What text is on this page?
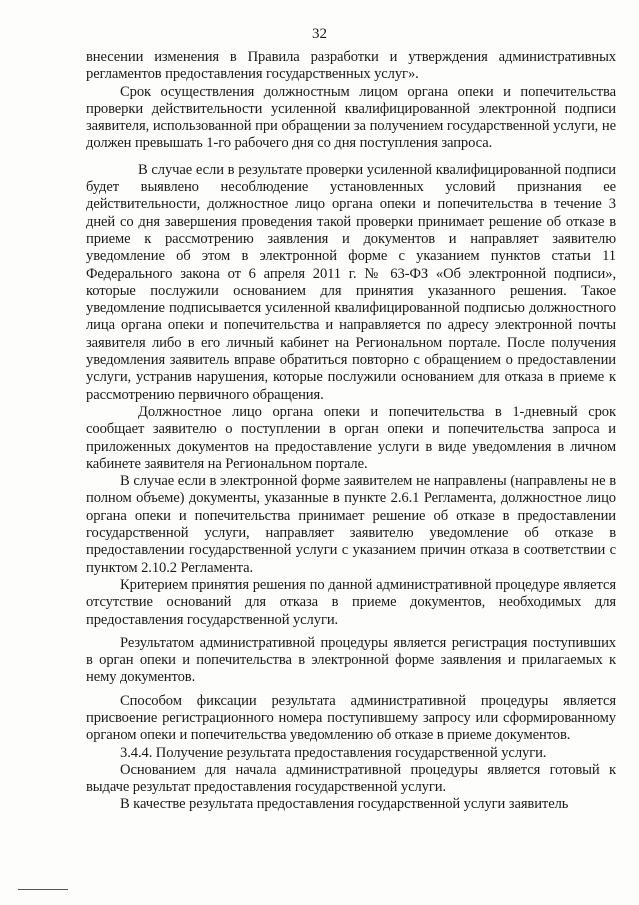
32

внесении изменения в Правила разработки и утверждения административных регламентов предоставления государственных услуг».

Срок осуществления должностным лицом органа опеки и попечительства проверки действительности усиленной квалифицированной электронной подписи заявителя, использованной при обращении за получением государственной услуги, не должен превышать 1-го рабочего дня со дня поступления запроса.

В случае если в результате проверки усиленной квалифицированной подписи будет выявлено несоблюдение установленных условий признания ее действительности, должностное лицо органа опеки и попечительства в течение 3 дней со дня завершения проведения такой проверки принимает решение об отказе в приеме к рассмотрению заявления и документов и направляет заявителю уведомление об этом в электронной форме с указанием пунктов статьи 11 Федерального закона от 6 апреля 2011 г. № 63-ФЗ «Об электронной подписи», которые послужили основанием для принятия указанного решения. Такое уведомление подписывается усиленной квалифицированной подписью должностного лица органа опеки и попечительства и направляется по адресу электронной почты заявителя либо в его личный кабинет на Региональном портале. После получения уведомления заявитель вправе обратиться повторно с обращением о предоставлении услуги, устранив нарушения, которые послужили основанием для отказа в приеме к рассмотрению первичного обращения.

Должностное лицо органа опеки и попечительства в 1-дневный срок сообщает заявителю о поступлении в орган опеки и попечительства запроса и приложенных документов на предоставление услуги в виде уведомления в личном кабинете заявителя на Региональном портале.

В случае если в электронной форме заявителем не направлены (направлены не в полном объеме) документы, указанные в пункте 2.6.1 Регламента, должностное лицо органа опеки и попечительства принимает решение об отказе в предоставлении государственной услуги, направляет заявителю уведомление об отказе в предоставлении государственной услуги с указанием причин отказа в соответствии с пунктом 2.10.2 Регламента.

Критерием принятия решения по данной административной процедуре является отсутствие оснований для отказа в приеме документов, необходимых для предоставления государственной услуги.

Результатом административной процедуры является регистрация поступивших в орган опеки и попечительства в электронной форме заявления и прилагаемых к нему документов.

Способом фиксации результата административной процедуры является присвоение регистрационного номера поступившему запросу или сформированному органом опеки и попечительства уведомлению об отказе в приеме документов.

3.4.4. Получение результата предоставления государственной услуги.

Основанием для начала административной процедуры является готовый к выдаче результат предоставления государственной услуги.

В качестве результата предоставления государственной услуги заявитель
